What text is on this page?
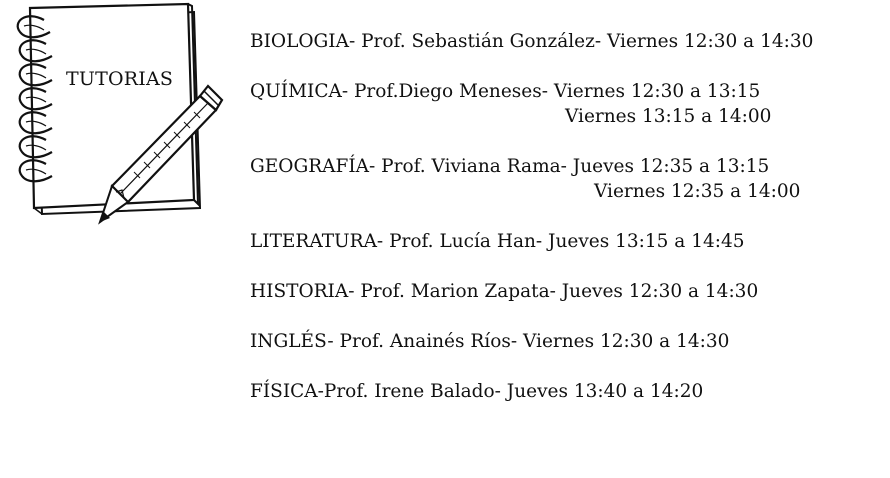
TUTORIAS
BIOLOGIA- Prof. Sebastián González- Viernes 12:30 a 14:30
QUÍMICA- Prof.Diego Meneses- Viernes 12:30 a 13:15
Viernes 13:15 a 14:00
GEOGRAFÍA- Prof. Viviana Rama- Jueves 12:35 a 13:15
Viernes 12:35 a 14:00
LITERATURA- Prof. Lucía Han- Jueves 13:15 a 14:45
HISTORIA- Prof. Marion Zapata- Jueves 12:30 a 14:30
INGLÉS- Prof. Anainés Ríos- Viernes 12:30 a 14:30
FÍSICA-Prof. Irene Balado- Jueves 13:40 a 14:20
